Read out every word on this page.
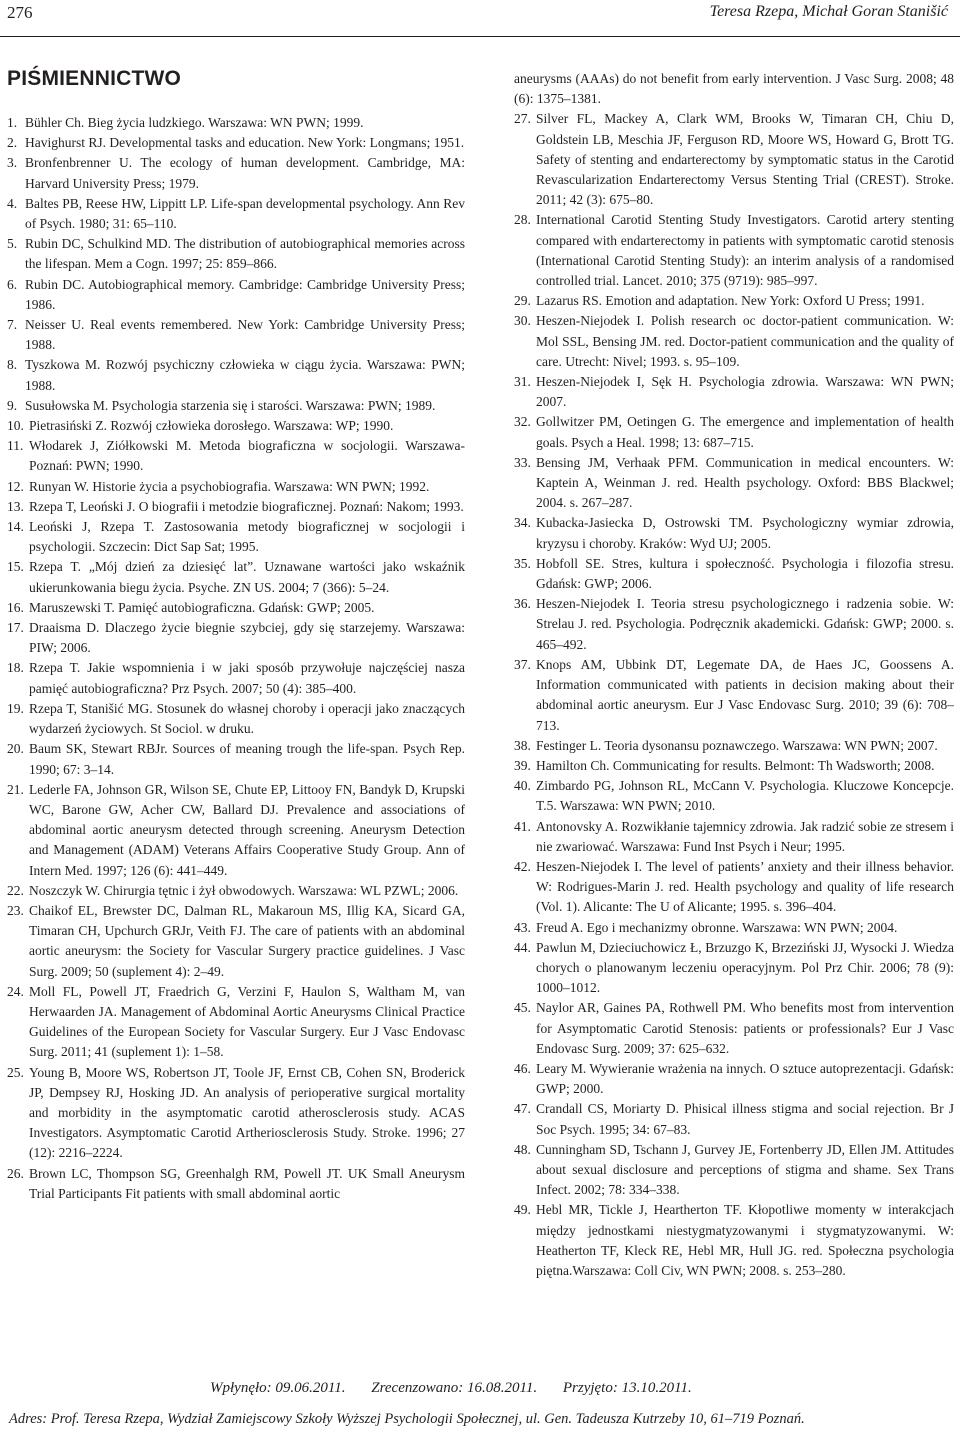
276	Teresa Rzepa, Michał Goran Stanišić
PIŚMIENNICTWO
1. Bühler Ch. Bieg życia ludzkiego. Warszawa: WN PWN; 1999.
2. Havighurst RJ. Developmental tasks and education. New York: Longmans; 1951.
3. Bronfenbrenner U. The ecology of human development. Cambridge, MA: Harvard University Press; 1979.
4. Baltes PB, Reese HW, Lippitt LP. Life-span developmental psychology. Ann Rev of Psych. 1980; 31: 65–110.
5. Rubin DC, Schulkind MD. The distribution of autobiographical memories across the lifespan. Mem a Cogn. 1997; 25: 859–866.
6. Rubin DC. Autobiographical memory. Cambridge: Cambridge University Press; 1986.
7. Neisser U. Real events remembered. New York: Cambridge University Press; 1988.
8. Tyszkowa M. Rozwój psychiczny człowieka w ciągu życia. Warszawa: PWN; 1988.
9. Susułowska M. Psychologia starzenia się i starości. Warszawa: PWN; 1989.
10. Pietrasiński Z. Rozwój człowieka dorosłego. Warszawa: WP; 1990.
11. Włodarek J, Ziółkowski M. Metoda biograficzna w socjologii. Warszawa-Poznań: PWN; 1990.
12. Runyan W. Historie życia a psychobiografia. Warszawa: WN PWN; 1992.
13. Rzepa T, Leoński J. O biografii i metodzie biograficznej. Poznań: Nakom; 1993.
14. Leoński J, Rzepa T. Zastosowania metody biograficznej w socjologii i psychologii. Szczecin: Dict Sap Sat; 1995.
15. Rzepa T. „Mój dzień za dziesięć lat”. Uznawane wartości jako wskaźnik ukierunkowania biegu życia. Psyche. ZN US. 2004; 7 (366): 5–24.
16. Maruszewski T. Pamięć autobiograficzna. Gdańsk: GWP; 2005.
17. Draaisma D. Dlaczego życie biegnie szybciej, gdy się starzejemy. Warszawa: PIW; 2006.
18. Rzepa T. Jakie wspomnienia i w jaki sposób przywołuje najczęściej nasza pamięć autobiograficzna? Prz Psych. 2007; 50 (4): 385–400.
19. Rzepa T, Stanišić MG. Stosunek do własnej choroby i operacji jako znaczących wydarzeń życiowych. St Sociol. w druku.
20. Baum SK, Stewart RBJr. Sources of meaning trough the life-span. Psych Rep. 1990; 67: 3–14.
21. Lederle FA, Johnson GR, Wilson SE, Chute EP, Littooy FN, Bandyk D, Krupski WC, Barone GW, Acher CW, Ballard DJ. Prevalence and associations of abdominal aortic aneurysm detected through screening. Aneurysm Detection and Management (ADAM) Veterans Affairs Cooperative Study Group. Ann of Intern Med. 1997; 126 (6): 441–449.
22. Noszczyk W. Chirurgia tętnic i żył obwodowych. Warszawa: WL PZWL; 2006.
23. Chaikof EL, Brewster DC, Dalman RL, Makaroun MS, Illig KA, Sicard GA, Timaran CH, Upchurch GRJr, Veith FJ. The care of patients with an abdominal aortic aneurysm: the Society for Vascular Surgery practice guidelines. J Vasc Surg. 2009; 50 (suplement 4): 2–49.
24. Moll FL, Powell JT, Fraedrich G, Verzini F, Haulon S, Waltham M, van Herwaarden JA. Management of Abdominal Aortic Aneurysms Clinical Practice Guidelines of the European Society for Vascular Surgery. Eur J Vasc Endovasc Surg. 2011; 41 (suplement 1): 1–58.
25. Young B, Moore WS, Robertson JT, Toole JF, Ernst CB, Cohen SN, Broderick JP, Dempsey RJ, Hosking JD. An analysis of perioperative surgical mortality and morbidity in the asymptomatic carotid atherosclerosis study. ACAS Investigators. Asymptomatic Carotid Artheriosclerosis Study. Stroke. 1996; 27 (12): 2216–2224.
26. Brown LC, Thompson SG, Greenhalgh RM, Powell JT. UK Small Aneurysm Trial Participants Fit patients with small abdominal aortic
aneurysms (AAAs) do not benefit from early intervention. J Vasc Surg. 2008; 48 (6): 1375–1381.
27. Silver FL, Mackey A, Clark WM, Brooks W, Timaran CH, Chiu D, Goldstein LB, Meschia JF, Ferguson RD, Moore WS, Howard G, Brott TG. Safety of stenting and endarterectomy by symptomatic status in the Carotid Revascularization Endarterectomy Versus Stenting Trial (CREST). Stroke. 2011; 42 (3): 675–80.
28. International Carotid Stenting Study Investigators. Carotid artery stenting compared with endarterectomy in patients with symptomatic carotid stenosis (International Carotid Stenting Study): an interim analysis of a randomised controlled trial. Lancet. 2010; 375 (9719): 985–997.
29. Lazarus RS. Emotion and adaptation. New York: Oxford U Press; 1991.
30. Heszen-Niejodek I. Polish research oc doctor-patient communication. W: Mol SSL, Bensing JM. red. Doctor-patient communication and the quality of care. Utrecht: Nivel; 1993. s. 95–109.
31. Heszen-Niejodek I, Sęk H. Psychologia zdrowia. Warszawa: WN PWN; 2007.
32. Gollwitzer PM, Oetingen G. The emergence and implementation of health goals. Psych a Heal. 1998; 13: 687–715.
33. Bensing JM, Verhaak PFM. Communication in medical encounters. W: Kaptein A, Weinman J. red. Health psychology. Oxford: BBS Blackwel; 2004. s. 267–287.
34. Kubacka-Jasiecka D, Ostrowski TM. Psychologiczny wymiar zdrowia, kryzysu i choroby. Kraków: Wyd UJ; 2005.
35. Hobfoll SE. Stres, kultura i społeczność. Psychologia i filozofia stresu. Gdańsk: GWP; 2006.
36. Heszen-Niejodek I. Teoria stresu psychologicznego i radzenia sobie. W: Strelau J. red. Psychologia. Podręcznik akademicki. Gdańsk: GWP; 2000. s. 465–492.
37. Knops AM, Ubbink DT, Legemate DA, de Haes JC, Goossens A. Information communicated with patients in decision making about their abdominal aortic aneurysm. Eur J Vasc Endovasc Surg. 2010; 39 (6): 708–713.
38. Festinger L. Teoria dysonansu poznawczego. Warszawa: WN PWN; 2007.
39. Hamilton Ch. Communicating for results. Belmont: Th Wadsworth; 2008.
40. Zimbardo PG, Johnson RL, McCann V. Psychologia. Kluczowe Koncepcje. T.5. Warszawa: WN PWN; 2010.
41. Antonovsky A. Rozwikłanie tajemnicy zdrowia. Jak radzić sobie ze stresem i nie zwariować. Warszawa: Fund Inst Psych i Neur; 1995.
42. Heszen-Niejodek I. The level of patients’ anxiety and their illness behavior. W: Rodrigues-Marin J. red. Health psychology and quality of life research (Vol. 1). Alicante: The U of Alicante; 1995. s. 396–404.
43. Freud A. Ego i mechanizmy obronne. Warszawa: WN PWN; 2004.
44. Pawlun M, Dzieciuchowicz Ł, Brzuzgo K, Brzeziński JJ, Wysocki J. Wiedza chorych o planowanym leczeniu operacyjnym. Pol Prz Chir. 2006; 78 (9): 1000–1012.
45. Naylor AR, Gaines PA, Rothwell PM. Who benefits most from intervention for Asymptomatic Carotid Stenosis: patients or professionals? Eur J Vasc Endovasc Surg. 2009; 37: 625–632.
46. Leary M. Wywieranie wrażenia na innych. O sztuce autoprezentacji. Gdańsk: GWP; 2000.
47. Crandall CS, Moriarty D. Phisical illness stigma and social rejection. Br J Soc Psych. 1995; 34: 67–83.
48. Cunningham SD, Tschann J, Gurvey JE, Fortenberry JD, Ellen JM. Attitudes about sexual disclosure and perceptions of stigma and shame. Sex Trans Infect. 2002; 78: 334–338.
49. Hebl MR, Tickle J, Heartherton TF. Kłopotliwe momenty w interakcjach między jednostkami niestygmatyzowanymi i stygmatyzowanymi. W: Heatherton TF, Kleck RE, Hebl MR, Hull JG. red. Społeczna psychologia piętna.Warszawa: Coll Civ, WN PWN; 2008. s. 253–280.
Wpłynęło: 09.06.2011. Zrecenzowano: 16.08.2011. Przyjęto: 13.10.2011.
Adres: Prof. Teresa Rzepa, Wydział Zamiejscowy Szkoły Wyższej Psychologii Społecznej, ul. Gen. Tadeusza Kutrzeby 10, 61–719 Poznań.
